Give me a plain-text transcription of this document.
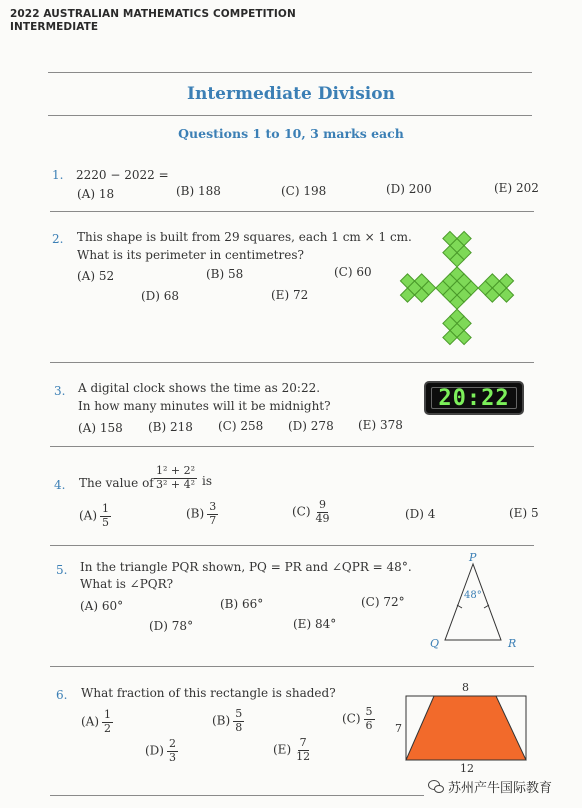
2022 AUSTRALIAN MATHEMATICS COMPETITION
INTERMEDIATE
Intermediate Division
Questions 1 to 10, 3 marks each
1. 2220 − 2022 =
(A) 18	(B) 188	(C) 198	(D) 200	(E) 202
2. This shape is built from 29 squares, each 1 cm × 1 cm.
What is its perimeter in centimetres?
(A) 52	(B) 58	(C) 60
(D) 68	(E) 72
3. A digital clock shows the time as 20:22.
In how many minutes will it be midnight?
(A) 158 (B) 218 (C) 258 (D) 278 (E) 378
20:22
4. The value of $\frac{\text{1² + 2²}}{\text{3² + 4²}}$ is
$(A) \frac{1}{5}$	$(B) \frac{3}{7}$	$(C) \frac{9}{49}$	(D) 4	(E) 5
5. In the triangle PQR shown, PQ = PR and ∠QPR = 48°.
What is ∠PQR?
(A) 60°	(B) 66°	(C) 72°
(D) 78°	(E) 84°
P
Q	R
48°
6. What fraction of this rectangle is shaded?
$(A) \frac{1}{2}$	$(B) \frac{5}{8}$	$(C) \frac{5}{6}$
$(D) \frac{2}{3}$	$(E) \frac{7}{12}$
8
7
12
苏州产牛国际教育
